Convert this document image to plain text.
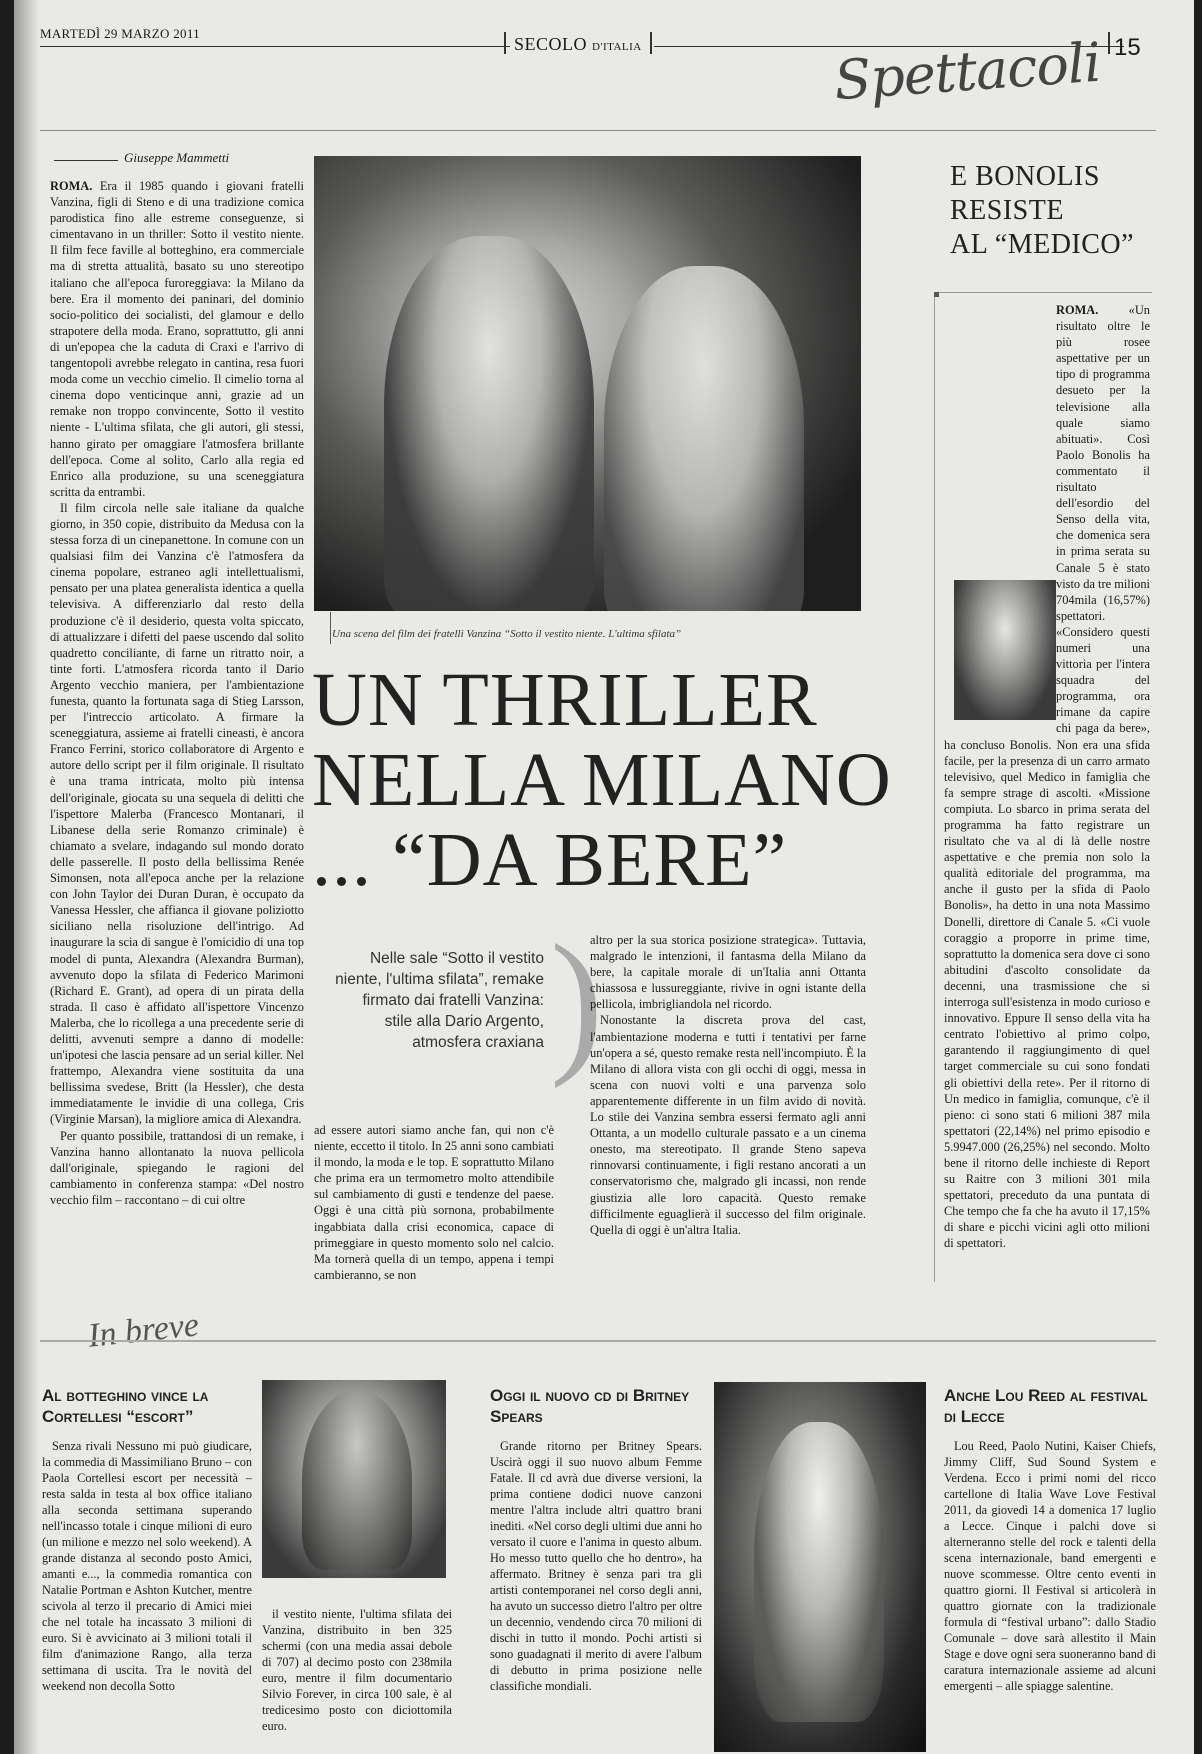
MARTEDÌ 29 MARZO 2011
SECOLO D'ITALIA	Spettacoli 15
Giuseppe Mammetti

ROMA. Era il 1985 quando i giovani fratelli Vanzina, figli di Steno e di una tradizione comica parodistica fino alle estreme conseguenze, si cimentavano in un thriller: Sotto il vestito niente. Il film fece faville al botteghino, era commerciale ma di stretta attualità, basato su uno stereotipo italiano che all'epoca furoreggiava: la Milano da bere. Era il momento dei paninari, del dominio socio-politico dei socialisti, del glamour e dello strapotere della moda. Erano, soprattutto, gli anni di un'epopea che la caduta di Craxi e l'arrivo di tangentopoli avrebbe relegato in cantina, resa fuori moda come un vecchio cimelio. Il cimelio torna al cinema dopo venticinque anni, grazie ad un remake non troppo convincente, Sotto il vestito niente - L'ultima sfilata, che gli autori, gli stessi, hanno girato per omaggiare l'atmosfera brillante dell'epoca. Come al solito, Carlo alla regia ed Enrico alla produzione, su una sceneggiatura scritta da entrambi.

Il film circola nelle sale italiane da qualche giorno, in 350 copie, distribuito da Medusa con la stessa forza di un cinepanettone. In comune con un qualsiasi film dei Vanzina c'è l'atmosfera da cinema popolare, estraneo agli intellettualismi, pensato per una platea generalista identica a quella televisiva. A differenziarlo dal resto della produzione c'è il desiderio, questa volta spiccato, di attualizzare i difetti del paese uscendo dal solito quadretto conciliante, di farne un ritratto noir, a tinte forti. L'atmosfera ricorda tanto il Dario Argento vecchio maniera, per l'ambientazione funesta, quanto la fortunata saga di Stieg Larsson, per l'intreccio articolato. A firmare la sceneggiatura, assieme ai fratelli cineasti, è ancora Franco Ferrini, storico collaboratore di Argento e autore dello script per il film originale. Il risultato è una trama intricata, molto più intensa dell'originale, giocata su una sequela di delitti che l'ispettore Malerba (Francesco Montanari, il Libanese della serie Romanzo criminale) è chiamato a svelare, indagando sul mondo dorato delle passerelle. Il posto della bellissima Renée Simonsen, nota all'epoca anche per la relazione con John Taylor dei Duran Duran, è occupato da Vanessa Hessler, che affianca il giovane poliziotto siciliano nella risoluzione dell'intrigo. Ad inaugurare la scia di sangue è l'omicidio di una top model di punta, Alexandra (Alexandra Burman), avvenuto dopo la sfilata di Federico Marimoni (Richard E. Grant), ad opera di un pirata della strada. Il caso è affidato all'ispettore Vincenzo Malerba, che lo ricollega a una precedente serie di delitti, avvenuti sempre a danno di modelle: un'ipotesi che lascia pensare ad un serial killer. Nel frattempo, Alexandra viene sostituita da una bellissima svedese, Britt (la Hessler), che desta immediatamente le invidie di una collega, Cris (Virginie Marsan), la migliore amica di Alexandra.

Per quanto possibile, trattandosi di un remake, i Vanzina hanno allontanato la nuova pellicola dall'originale, spiegando le ragioni del cambiamento in conferenza stampa: «Del nostro vecchio film – raccontano – di cui oltre

Una scena del film dei fratelli Vanzina “Sotto il vestito niente. L'ultima sfilata”
UN THRILLER
NELLA MILANO
... “DA BERE”
Nelle sale “Sotto il vestito niente, l'ultima sfilata”, remake firmato dai fratelli Vanzina: stile alla Dario Argento, atmosfera craxiana )

ad essere autori siamo anche fan, qui non c'è niente, eccetto il titolo. In 25 anni sono cambiati il mondo, la moda e le top. E soprattutto Milano che prima era un termometro molto attendibile sul cambiamento di gusti e tendenze del paese. Oggi è una città più sornona, probabilmente ingabbiata dalla crisi economica, capace di primeggiare in questo momento solo nel calcio. Ma tornerà quella di un tempo, appena i tempi cambieranno, se non

altro per la sua storica posizione strategica». Tuttavia, malgrado le intenzioni, il fantasma della Milano da bere, la capitale morale di un'Italia anni Ottanta chiassosa e lussureggiante, rivive in ogni istante della pellicola, imbrigliandola nel ricordo.

Nonostante la discreta prova del cast, l'ambientazione moderna e tutti i tentativi per farne un'opera a sé, questo remake resta nell'incompiuto. È la Milano di allora vista con gli occhi di oggi, messa in scena con nuovi volti e una parvenza solo apparentemente differente in un film avido di novità. Lo stile dei Vanzina sembra essersi fermato agli anni Ottanta, a un modello culturale passato e a un cinema onesto, ma stereotipato. Il grande Steno sapeva rinnovarsi continuamente, i figli restano ancorati a un conservatorismo che, malgrado gli incassi, non rende giustizia alle loro capacità. Questo remake difficilmente eguaglierà il successo del film originale. Quella di oggi è un'altra Italia.

E BONOLIS
RESISTE
AL “MEDICO”

ROMA. «Un risultato oltre le più rosee aspettative per un tipo di programma desueto per la televisione alla quale siamo abituati». Così Paolo Bonolis ha commentato il risultato dell'esordio del Senso della vita, che domenica sera in prima serata su Canale 5 è stato visto da tre milioni 704mila (16,57%) spettatori. «Considero questi numeri una vittoria per l'intera squadra del programma, ora rimane da capire chi paga da bere», ha concluso Bonolis. Non era una sfida facile, per la presenza di un carro armato televisivo, quel Medico in famiglia che fa sempre strage di ascolti. «Missione compiuta. Lo sbarco in prima serata del programma ha fatto registrare un risultato che va al di là delle nostre aspettative e che premia non solo la qualità editoriale del programma, ma anche il gusto per la sfida di Paolo Bonolis», ha detto in una nota Massimo Donelli, direttore di Canale 5. «Ci vuole coraggio a proporre in prime time, soprattutto la domenica sera dove ci sono abitudini d'ascolto consolidate da decenni, una trasmissione che si interroga sull'esistenza in modo curioso e innovativo. Eppure Il senso della vita ha centrato l'obiettivo al primo colpo, garantendo il raggiungimento di quel target commerciale su cui sono fondati gli obiettivi della rete». Per il ritorno di Un medico in famiglia, comunque, c'è il pieno: ci sono stati 6 milioni 387 mila spettatori (22,14%) nel primo episodio e 5.9947.000 (26,25%) nel secondo. Molto bene il ritorno delle inchieste di Report su Raitre con 3 milioni 301 mila spettatori, preceduto da una puntata di Che tempo che fa che ha avuto il 17,15% di share e picchi vicini agli otto milioni di spettatori.

In breve
Al botteghino vince la Cortellesi “escort”

Senza rivali Nessuno mi può giudicare, la commedia di Massimiliano Bruno – con Paola Cortellesi escort per necessità – resta salda in testa al box office italiano alla seconda settimana superando nell'incasso totale i cinque milioni di euro (un milione e mezzo nel solo weekend). A grande distanza al secondo posto Amici, amanti e..., la commedia romantica con Natalie Portman e Ashton Kutcher, mentre scivola al terzo il precario di Amici miei che nel totale ha incassato 3 milioni di euro. Si è avvicinato ai 3 milioni totali il film d'animazione Rango, alla terza settimana di uscita. Tra le novità del weekend non decolla Sotto

il vestito niente, l'ultima sfilata dei Vanzina, distribuito in ben 325 schermi (con una media assai debole di 707) al decimo posto con 238mila euro, mentre il film documentario Silvio Forever, in circa 100 sale, è al tredicesimo posto con diciottomila euro.

Oggi il nuovo cd di Britney Spears

Grande ritorno per Britney Spears. Uscirà oggi il suo nuovo album Femme Fatale. Il cd avrà due diverse versioni, la prima contiene dodici nuove canzoni mentre l'altra include altri quattro brani inediti. «Nel corso degli ultimi due anni ho versato il cuore e l'anima in questo album. Ho messo tutto quello che ho dentro», ha affermato. Britney è senza pari tra gli artisti contemporanei nel corso degli anni, ha avuto un successo dietro l'altro per oltre un decennio, vendendo circa 70 milioni di dischi in tutto il mondo. Pochi artisti si sono guadagnati il merito di avere l'album di debutto in prima posizione nelle classifiche mondiali.

Anche Lou Reed al festival di Lecce

Lou Reed, Paolo Nutini, Kaiser Chiefs, Jimmy Cliff, Sud Sound System e Verdena. Ecco i primi nomi del ricco cartellone di Italia Wave Love Festival 2011, da giovedì 14 a domenica 17 luglio a Lecce. Cinque i palchi dove si alterneranno stelle del rock e talenti della scena internazionale, band emergenti e nuove scommesse. Oltre cento eventi in quattro giorni. Il Festival si articolerà in quattro giornate con la tradizionale formula di “festival urbano”: dallo Stadio Comunale – dove sarà allestito il Main Stage e dove ogni sera suoneranno band di caratura internazionale assieme ad alcuni emergenti – alle spiagge salentine.
